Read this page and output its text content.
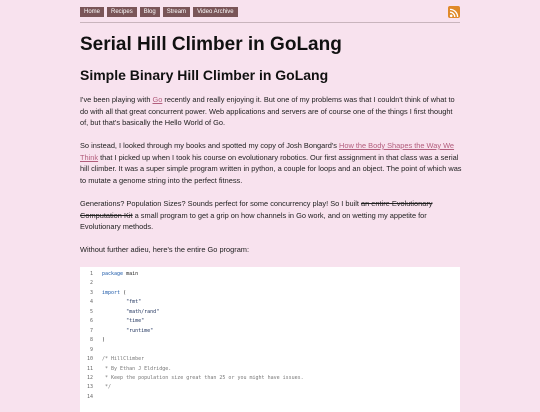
Home	Recipes	Blog	Stream	Video Archive
Serial Hill Climber in GoLang
Simple Binary Hill Climber in GoLang

I've been playing with Go recently and really enjoying it. But one of my problems was that I couldn't think of what to do with all that great concurrent power. Web applications and servers are of course one of the things I first thought of, but that's basically the Hello World of Go.

So instead, I looked through my books and spotted my copy of Josh Bongard's How the Body Shapes the Way We Think that I picked up when I took his course on evolutionary robotics. Our first assignment in that class was a serial hill climber. It was a super simple program written in python, a couple for loops and an object. The point of which was to mutate a genome string into the perfect fitness.

Generations? Population Sizes? Sounds perfect for some concurrency play! So I built an entire Evolutionary Computation Kit a small program to get a grip on how channels in Go work, and on wetting my appetite for Evolutionary methods.

Without further adieu, here's the entire Go program:

1 package main
2
3 import (
4	"fmt"
5	"math/rand"
6	"time"
7	"runtime"
8 )
9
10 /* HillClimber
11 * By Ethan J Eldridge.
12 * Keep the population size great than 25 or you might have issues.
13 */
14
